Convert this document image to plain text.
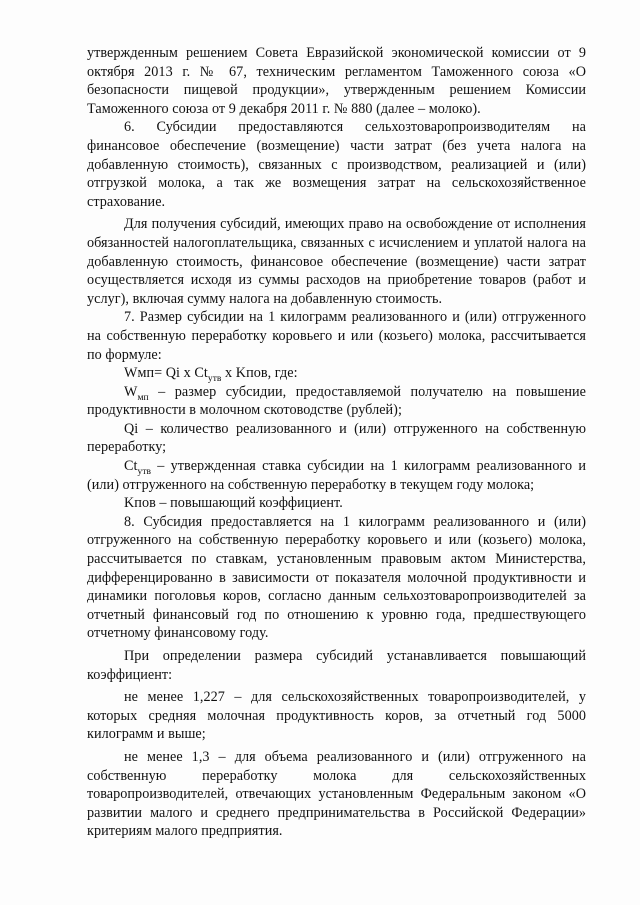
утвержденным решением Совета Евразийской экономической комиссии от 9 октября 2013 г. № 67, техническим регламентом Таможенного союза «О безопасности пищевой продукции», утвержденным решением Комиссии Таможенного союза от 9 декабря 2011 г. № 880 (далее – молоко).

6. Субсидии предоставляются сельхозтоваропроизводителям на финансовое обеспечение (возмещение) части затрат (без учета налога на добавленную стоимость), связанных с производством, реализацией и (или) отгрузкой молока, а так же возмещения затрат на сельскохозяйственное страхование.

Для получения субсидий, имеющих право на освобождение от исполнения обязанностей налогоплательщика, связанных с исчислением и уплатой налога на добавленную стоимость, финансовое обеспечение (возмещение) части затрат осуществляется исходя из суммы расходов на приобретение товаров (работ и услуг), включая сумму налога на добавленную стоимость.

7. Размер субсидии на 1 килограмм реализованного и (или) отгруженного на собственную переработку коровьего и или (козьего) молока, рассчитывается по формуле:

Wмп= Qi x $Ct_{утв}$ x Kпов, где:

$W_{мп}$ – размер субсидии, предоставляемой получателю на повышение продуктивности в молочном скотоводстве (рублей);

Qi – количество реализованного и (или) отгруженного на собственную переработку;

$Ct_{утв}$ – утвержденная ставка субсидии на 1 килограмм реализованного и (или) отгруженного на собственную переработку в текущем году молока;

Kпов – повышающий коэффициент.

8. Субсидия предоставляется на 1 килограмм реализованного и (или) отгруженного на собственную переработку коровьего и или (козьего) молока, рассчитывается по ставкам, установленным правовым актом Министерства, дифференцированно в зависимости от показателя молочной продуктивности и динамики поголовья коров, согласно данным сельхозтоваропроизводителей за отчетный финансовый год по отношению к уровню года, предшествующего отчетному финансовому году.

При определении размера субсидий устанавливается повышающий коэффициент:

не менее 1,227 – для сельскохозяйственных товаропроизводителей, у которых средняя молочная продуктивность коров, за отчетный год 5000 килограмм и выше;

не менее 1,3 – для объема реализованного и (или) отгруженного на собственную переработку молока для сельскохозяйственных товаропроизводителей, отвечающих установленным Федеральным законом «О развитии малого и среднего предпринимательства в Российской Федерации» критериям малого предприятия.
